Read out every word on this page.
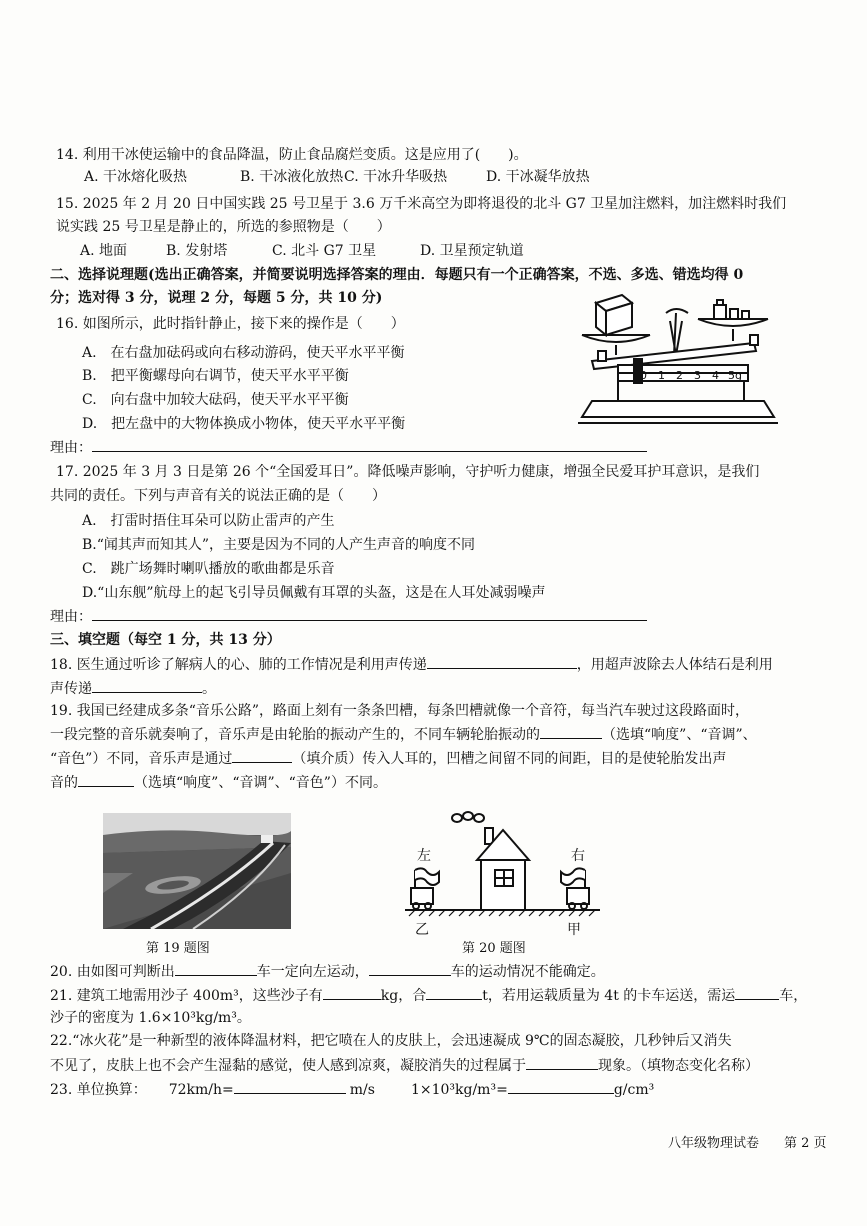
14. 利用干冰使运输中的食品降温，防止食品腐烂变质。这是应用了(　　)。
A. 干冰熔化吸热	B. 干冰液化放热 C. 干冰升华吸热	D. 干冰凝华放热
15. 2025 年 2 月 20 日中国实践 25 号卫星于 3.6 万千米高空为即将退役的北斗 G7 卫星加注燃料，加注燃料时我们
说实践 25 号卫星是静止的，所选的参照物是（　　）
A. 地面	B. 发射塔	C. 北斗 G7 卫星	D. 卫星预定轨道
二、选择说理题(选出正确答案，并简要说明选择答案的理由．每题只有一个正确答案，不选、多选、错选均得 0
分；选对得 3 分，说理 2 分，每题 5 分，共 10 分)
16. 如图所示，此时指针静止，接下来的操作是（　　）
A.　在右盘加砝码或向右移动游码，使天平水平平衡
B.　把平衡螺母向右调节，使天平水平平衡
C.　向右盘中加较大砝码，使天平水平平衡
D.　把左盘中的大物体换成小物体，使天平水平平衡
理由：
0 1 2 3 4 5g
17. 2025 年 3 月 3 日是第 26 个“全国爱耳日”。降低噪声影响，守护听力健康，增强全民爱耳护耳意识，是我们
共同的责任。下列与声音有关的说法正确的是（　　）
A.　打雷时捂住耳朵可以防止雷声的产生
B.“闻其声而知其人”，主要是因为不同的人产生声音的响度不同
C.　跳广场舞时喇叭播放的歌曲都是乐音
D.“山东舰”航母上的起飞引导员佩戴有耳罩的头盔，这是在人耳处减弱噪声
理由：
三、填空题（每空 1 分，共 13 分）
18. 医生通过听诊了解病人的心、肺的工作情况是利用声传递	，用超声波除去人体结石是利用
声传递	。
19. 我国已经建成多条“音乐公路”，路面上刻有一条条凹槽，每条凹槽就像一个音符，每当汽车驶过这段路面时，
一段完整的音乐就奏响了，音乐声是由轮胎的振动产生的，不同车辆轮胎振动的	（选填“响度”、“音调”、
“音色”）不同，音乐声是通过	（填介质）传入人耳的，凹槽之间留不同的间距，目的是使轮胎发出声
音的	（选填“响度”、“音调”、“音色”）不同。
第 19 题图
左	右
乙	甲
第 20 题图
20. 由如图可判断出	车一定向左运动，	车的运动情况不能确定。
21. 建筑工地需用沙子 400m³，这些沙子有	kg，合	t，若用运载质量为 4t 的卡车运送，需运	车，
沙子的密度为 1.6×10³kg/m³。
22.“冰火花”是一种新型的液体降温材料，把它喷在人的皮肤上，会迅速凝成 9℃的固态凝胶，几秒钟后又消失
不见了，皮肤上也不会产生湿黏的感觉，使人感到凉爽，凝胶消失的过程属于	现象。（填物态变化名称）
23. 单位换算： 72km/h=	m/s	1×10³kg/m³=	g/cm³
八年级物理试卷 第 2 页
